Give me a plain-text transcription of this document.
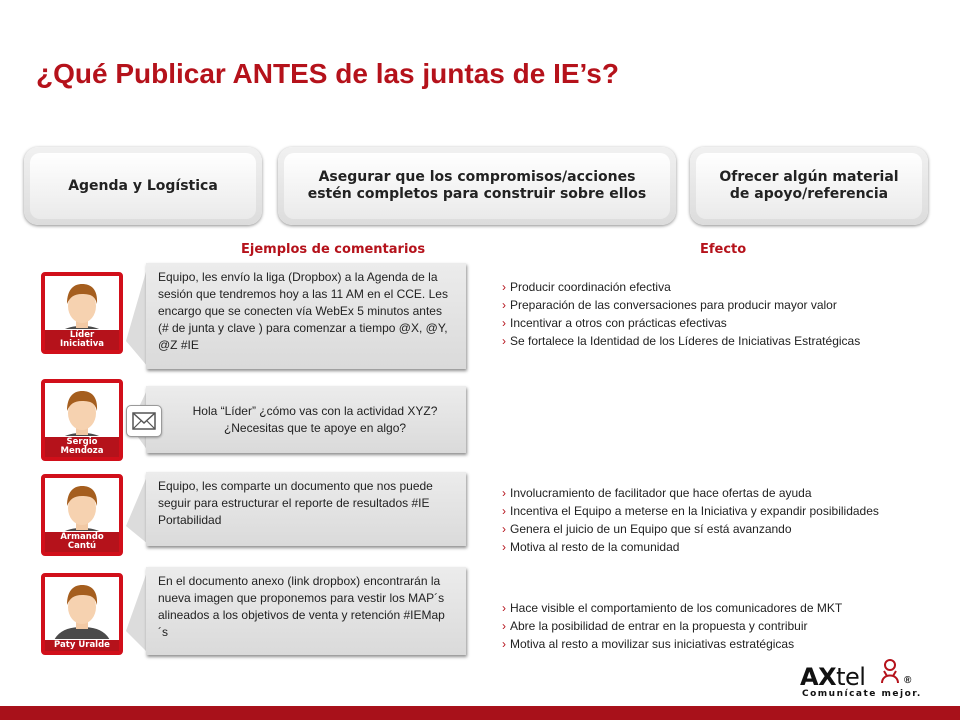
¿Qué Publicar ANTES de las juntas de IE’s?
Agenda y Logística
Asegurar que los compromisos/acciones estén completos para construir sobre ellos
Ofrecer algún material de apoyo/referencia
Ejemplos de comentarios	Efecto
Líder
Iniciativa
Sergio
Mendoza
Armando
Cantú
Paty Uralde
Equipo, les envío la liga (Dropbox) a la Agenda de la sesión que tendremos hoy a las 11 AM en el CCE. Les encargo que se conecten vía WebEx 5 minutos antes (# de junta y clave ) para comenzar a tiempo @X, @Y, @Z #IE
Hola “Líder” ¿cómo vas con la actividad XYZ?
¿Necesitas que te apoye en algo?
Equipo, les comparte un documento que nos puede seguir para estructurar el reporte de resultados #IE Portabilidad
En el documento anexo (link dropbox) encontrarán la nueva imagen que proponemos para vestir los MAP´s alineados a los objetivos de venta y retención #IEMap´s
› Producir coordinación efectiva
› Preparación de las conversaciones para producir mayor valor
› Incentivar a otros con prácticas efectivas
› Se fortalece la Identidad de los Líderes de Iniciativas Estratégicas
› Involucramiento de facilitador que hace ofertas de ayuda
› Incentiva el Equipo a meterse en la Iniciativa y expandir posibilidades
› Genera el juicio de un Equipo que sí está avanzando
› Motiva al resto de la comunidad
› Hace visible el comportamiento de los comunicadores de MKT
› Abre la posibilidad de entrar en la propuesta y contribuir
› Motiva al resto a movilizar sus iniciativas estratégicas
AXtel	®
Comunícate mejor.
